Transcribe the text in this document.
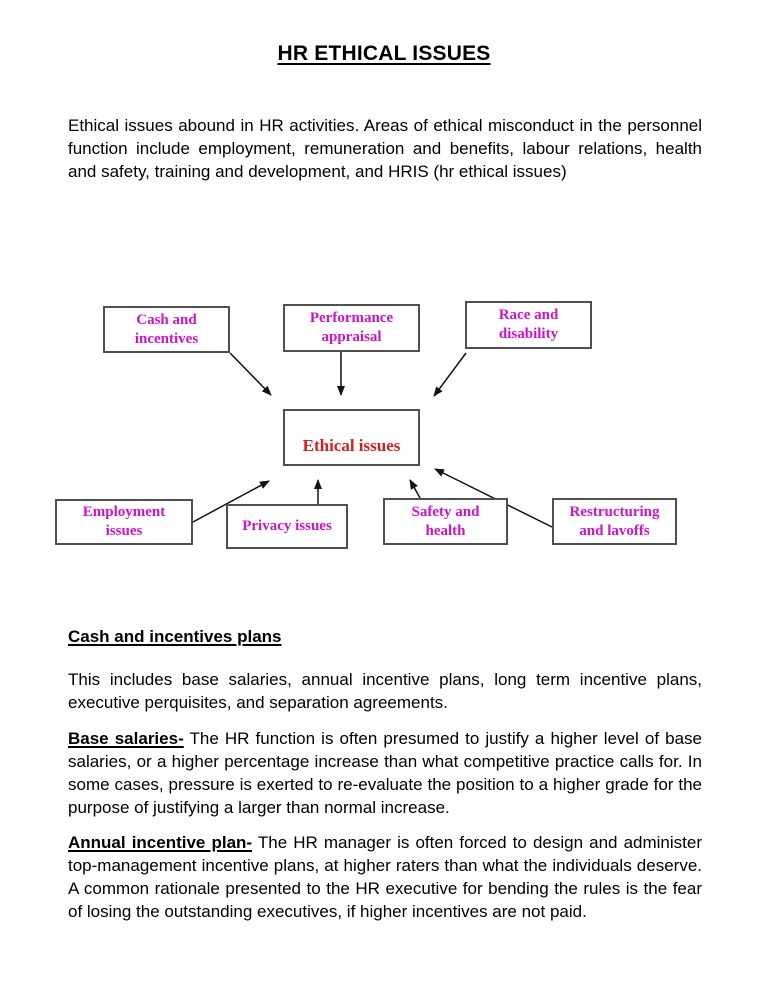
HR ETHICAL ISSUES
Ethical issues abound in HR activities. Areas of ethical misconduct in the personnel function include employment, remuneration and benefits, labour relations, health and safety, training and development, and HRIS (hr ethical issues)
Cash and incentives
Performance appraisal
Race and disability
Ethical issues
Employment issues	Privacy issues
Safety and health
Restructuring and lavoffs
Cash and incentives plans

This includes base salaries, annual incentive plans, long term incentive plans, executive perquisites, and separation agreements.

Base salaries- The HR function is often presumed to justify a higher level of base salaries, or a higher percentage increase than what competitive practice calls for. In some cases, pressure is exerted to re-evaluate the position to a higher grade for the purpose of justifying a larger than normal increase.

Annual incentive plan- The HR manager is often forced to design and administer top-management incentive plans, at higher raters than what the individuals deserve. A common rationale presented to the HR executive for bending the rules is the fear of losing the outstanding executives, if higher incentives are not paid.
